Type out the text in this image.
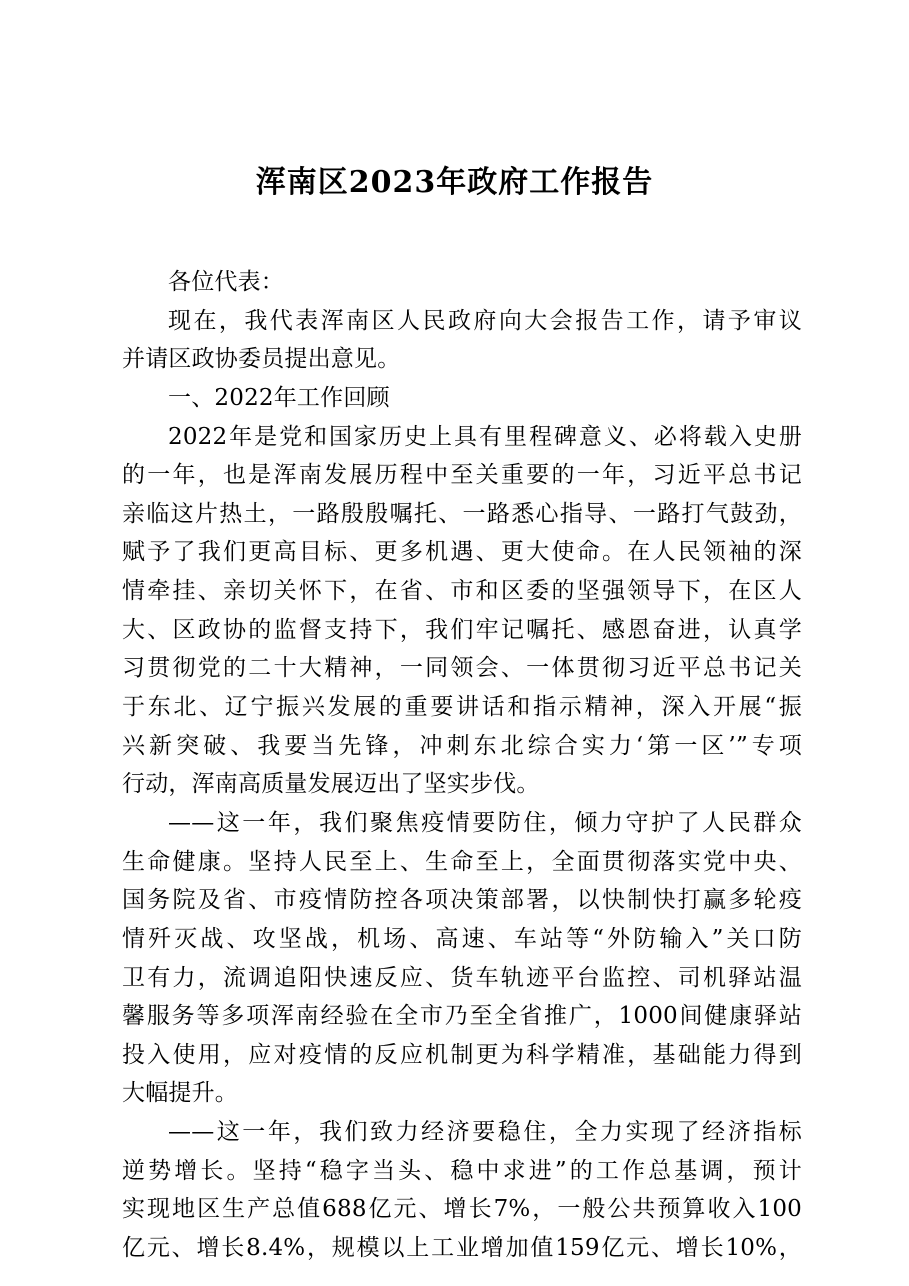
浑南区2023年政府工作报告
各位代表：
现在，我代表浑南区人民政府向大会报告工作，请予审议
并请区政协委员提出意见。
一、2022年工作回顾
2022年是党和国家历史上具有里程碑意义、必将载入史册
的一年，也是浑南发展历程中至关重要的一年，习近平总书记
亲临这片热土，一路殷殷嘱托、一路悉心指导、一路打气鼓劲，
赋予了我们更高目标、更多机遇、更大使命。在人民领袖的深
情牵挂、亲切关怀下，在省、市和区委的坚强领导下，在区人
大、区政协的监督支持下，我们牢记嘱托、感恩奋进，认真学
习贯彻党的二十大精神，一同领会、一体贯彻习近平总书记关
于东北、辽宁振兴发展的重要讲话和指示精神，深入开展“振
兴新突破、我要当先锋，冲刺东北综合实力‘第一区’”专项
行动，浑南高质量发展迈出了坚实步伐。
——这一年，我们聚焦疫情要防住，倾力守护了人民群众
生命健康。坚持人民至上、生命至上，全面贯彻落实党中央、
国务院及省、市疫情防控各项决策部署，以快制快打赢多轮疫
情歼灭战、攻坚战，机场、高速、车站等“外防输入”关口防
卫有力，流调追阳快速反应、货车轨迹平台监控、司机驿站温
馨服务等多项浑南经验在全市乃至全省推广，1000间健康驿站
投入使用，应对疫情的反应机制更为科学精准，基础能力得到
大幅提升。
——这一年，我们致力经济要稳住，全力实现了经济指标
逆势增长。坚持“稳字当头、稳中求进”的工作总基调，预计
实现地区生产总值688亿元、增长7%，一般公共预算收入100
亿元、增长8.4%，规模以上工业增加值159亿元、增长10%，
